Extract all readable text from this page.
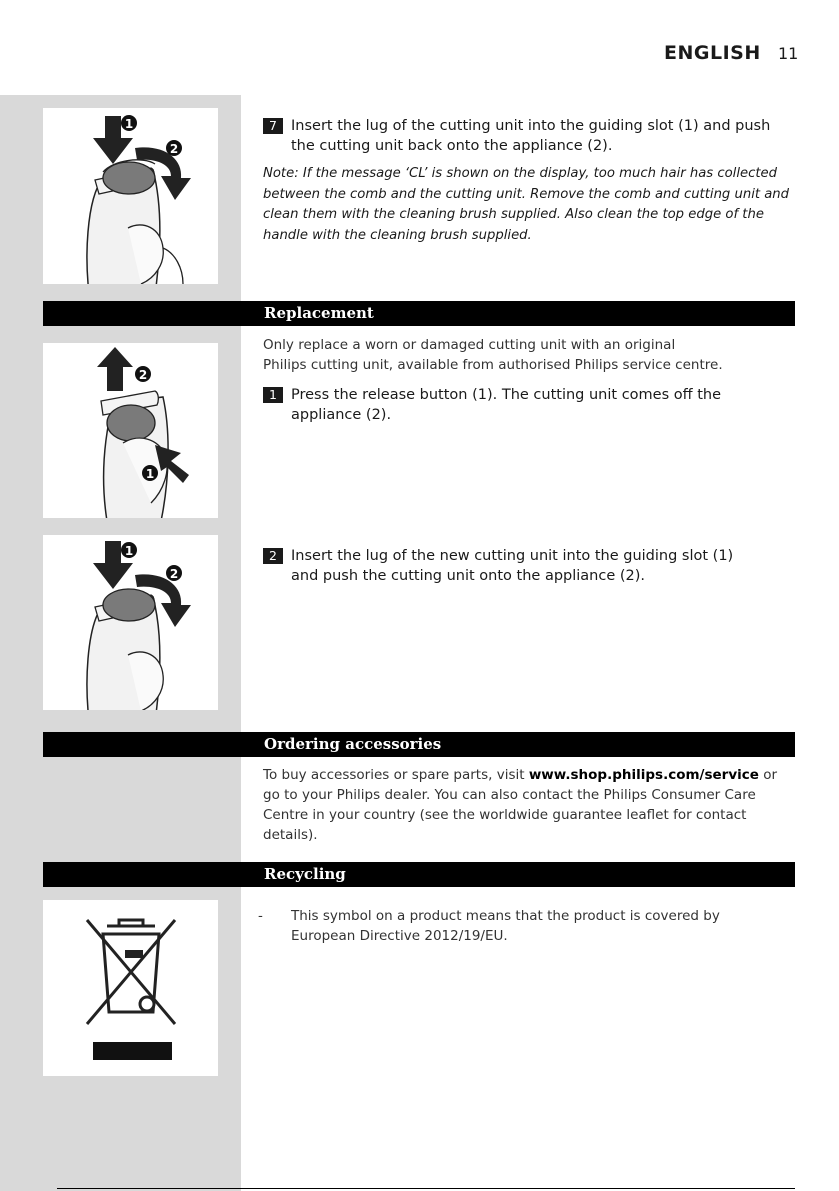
ENGLISH 11
1
2
7 Insert the lug of the cutting unit into the guiding slot (1) and push the cutting unit back onto the appliance (2).
Note: If the message ‘CL’ is shown on the display, too much hair has collected between the comb and the cutting unit. Remove the comb and cutting unit and clean them with the cleaning brush supplied. Also clean the top edge of the handle with the cleaning brush supplied.
Replacement
2
1
Only replace a worn or damaged cutting unit with an original
Philips cutting unit, available from authorised Philips service centre.
1 Press the release button (1). The cutting unit comes off the appliance (2).
1
2
2 Insert the lug of the new cutting unit into the guiding slot (1) and push the cutting unit onto the appliance (2).
Ordering accessories
To buy accessories or spare parts, visit www.shop.philips.com/service or go to your Philips dealer. You can also contact the Philips Consumer Care Centre in your country (see the worldwide guarantee leaflet for contact details).
Recycling
- This symbol on a product means that the product is covered by European Directive 2012/19/EU.
